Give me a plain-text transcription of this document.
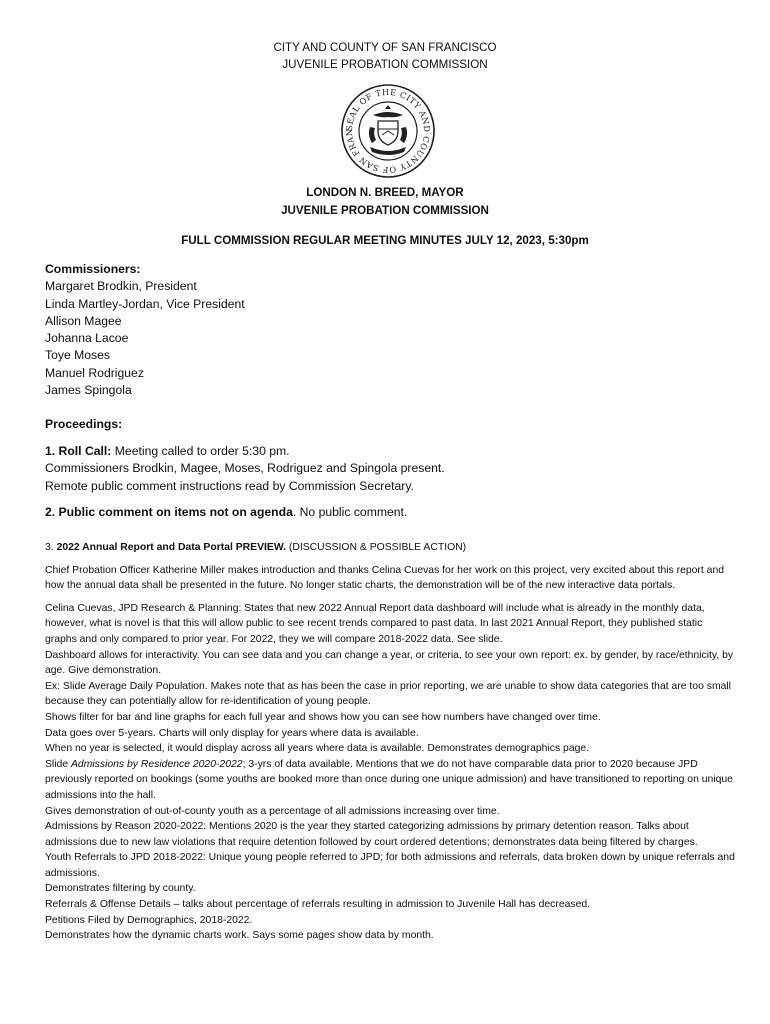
CITY AND COUNTY OF SAN FRANCISCO
JUVENILE PROBATION COMMISSION
SEAL OF THE CITY AND COUNTY OF SAN FRAN
LONDON N. BREED, MAYOR
JUVENILE PROBATION COMMISSION
FULL COMMISSION REGULAR MEETING MINUTES JULY 12, 2023, 5:30pm
Commissioners:
Margaret Brodkin, President
Linda Martley-Jordan, Vice President
Allison Magee
Johanna Lacoe
Toye Moses
Manuel Rodriguez
James Spingola
Proceedings:
1. Roll Call: Meeting called to order 5:30 pm.
Commissioners Brodkin, Magee, Moses, Rodriguez and Spingola present.
Remote public comment instructions read by Commission Secretary.
2. Public comment on items not on agenda. No public comment.

3. 2022 Annual Report and Data Portal PREVIEW. (DISCUSSION & POSSIBLE ACTION)

Chief Probation Officer Katherine Miller makes introduction and thanks Celina Cuevas for her work on this project, very excited about this report and how the annual data shall be presented in the future. No longer static charts, the demonstration will be of the new interactive data portals.

Celina Cuevas, JPD Research & Planning: States that new 2022 Annual Report data dashboard will include what is already in the monthly data, however, what is novel is that this will allow public to see recent trends compared to past data. In last 2021 Annual Report, they published static graphs and only compared to prior year. For 2022, they we will compare 2018-2022 data. See slide.

Dashboard allows for interactivity. You can see data and you can change a year, or criteria, to see your own report: ex. by gender, by race/ethnicity, by age. Give demonstration.

Ex: Slide Average Daily Population. Makes note that as has been the case in prior reporting, we are unable to show data categories that are too small because they can potentially allow for re-identification of young people.

Shows filter for bar and line graphs for each full year and shows how you can see how numbers have changed over time.

Data goes over 5-years. Charts will only display for years where data is available.

When no year is selected, it would display across all years where data is available. Demonstrates demographics page.

Slide Admissions by Residence 2020-2022; 3-yrs of data available. Mentions that we do not have comparable data prior to 2020 because JPD previously reported on bookings (some youths are booked more than once during one unique admission) and have transitioned to reporting on unique admissions into the hall.

Gives demonstration of out-of-county youth as a percentage of all admissions increasing over time.

Admissions by Reason 2020-2022: Mentions 2020 is the year they started categorizing admissions by primary detention reason. Talks about admissions due to new law violations that require detention followed by court ordered detentions; demonstrates data being filtered by charges.

Youth Referrals to JPD 2018-2022: Unique young people referred to JPD; for both admissions and referrals, data broken down by unique referrals and admissions.

Demonstrates filtering by county.

Referrals & Offense Details – talks about percentage of referrals resulting in admission to Juvenile Hall has decreased.

Petitions Filed by Demographics, 2018-2022.

Demonstrates how the dynamic charts work. Says some pages show data by month.
